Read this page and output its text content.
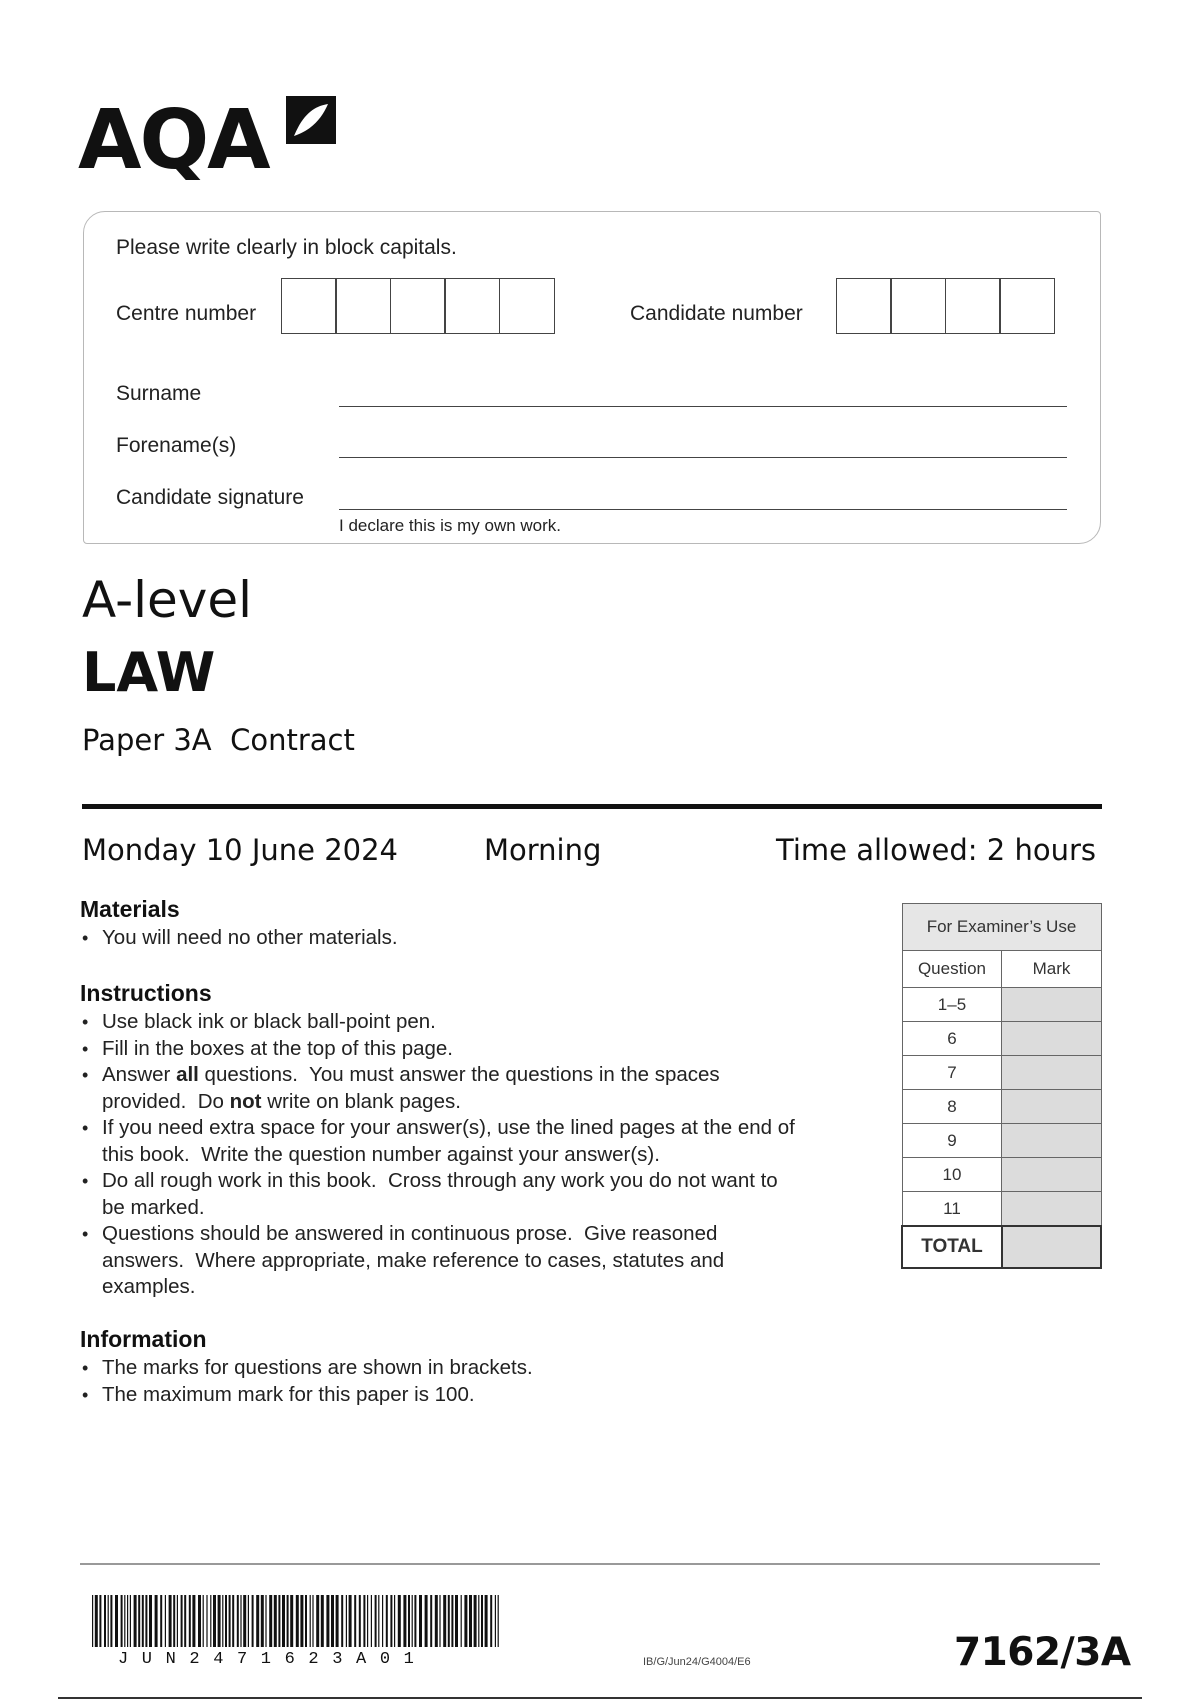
AQA
Please write clearly in block capitals.
Centre number	Candidate number
Surname
Forename(s)
Candidate signature
I declare this is my own work.
A-level
LAW
Paper 3A  Contract
Monday 10 June 2024	Morning	Time allowed: 2 hours
Materials
• You will need no other materials.
Instructions
• Use black ink or black ball-point pen.
• Fill in the boxes at the top of this page.
• Answer all questions.  You must answer the questions in the spaces
provided.  Do not write on blank pages.
• If you need extra space for your answer(s), use the lined pages at the end of
this book.  Write the question number against your answer(s).
• Do all rough work in this book.  Cross through any work you do not want to
be marked.
• Questions should be answered in continuous prose.  Give reasoned
answers.  Where appropriate, make reference to cases, statutes and
examples.
Information
• The marks for questions are shown in brackets.
• The maximum mark for this paper is 100.
For Examiner’s Use	
Question	Mark
1–5	
6	
7	
8	
9	
10	
11	
TOTAL	
JUN2471623A01	IB/G/Jun24/G4004/E6	7162/3A
